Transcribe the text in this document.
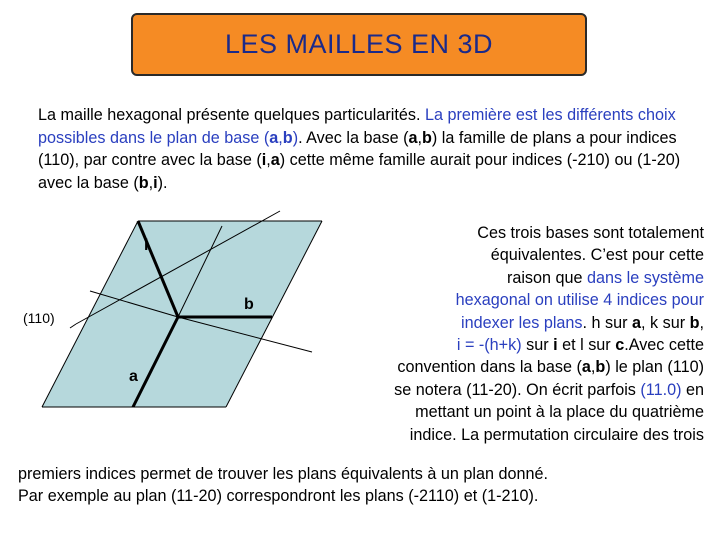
LES MAILLES EN 3D
La maille hexagonal présente quelques particularités. La première est les différents choix possibles dans le plan de base (a,b). Avec la base (a,b) la famille de plans a pour indices (110), par contre avec la base (i,a) cette même famille aurait pour indices (-210) ou (1-20) avec la base (b,i).
i
b
a
(110)
Ces trois bases sont totalement
équivalentes. C’est pour cette
raison que dans le système
hexagonal on utilise 4 indices pour
indexer les plans. h sur a, k sur b,
i = -(h+k) sur i et l sur c.Avec cette
convention dans la base (a,b) le plan (110)
se notera (11-20). On écrit parfois (11.0) en
mettant un point à la place du quatrième
indice. La permutation circulaire des trois
premiers indices permet de trouver les plans équivalents à un plan donné.
Par exemple au plan (11-20) correspondront les plans (-2110) et (1-210).
